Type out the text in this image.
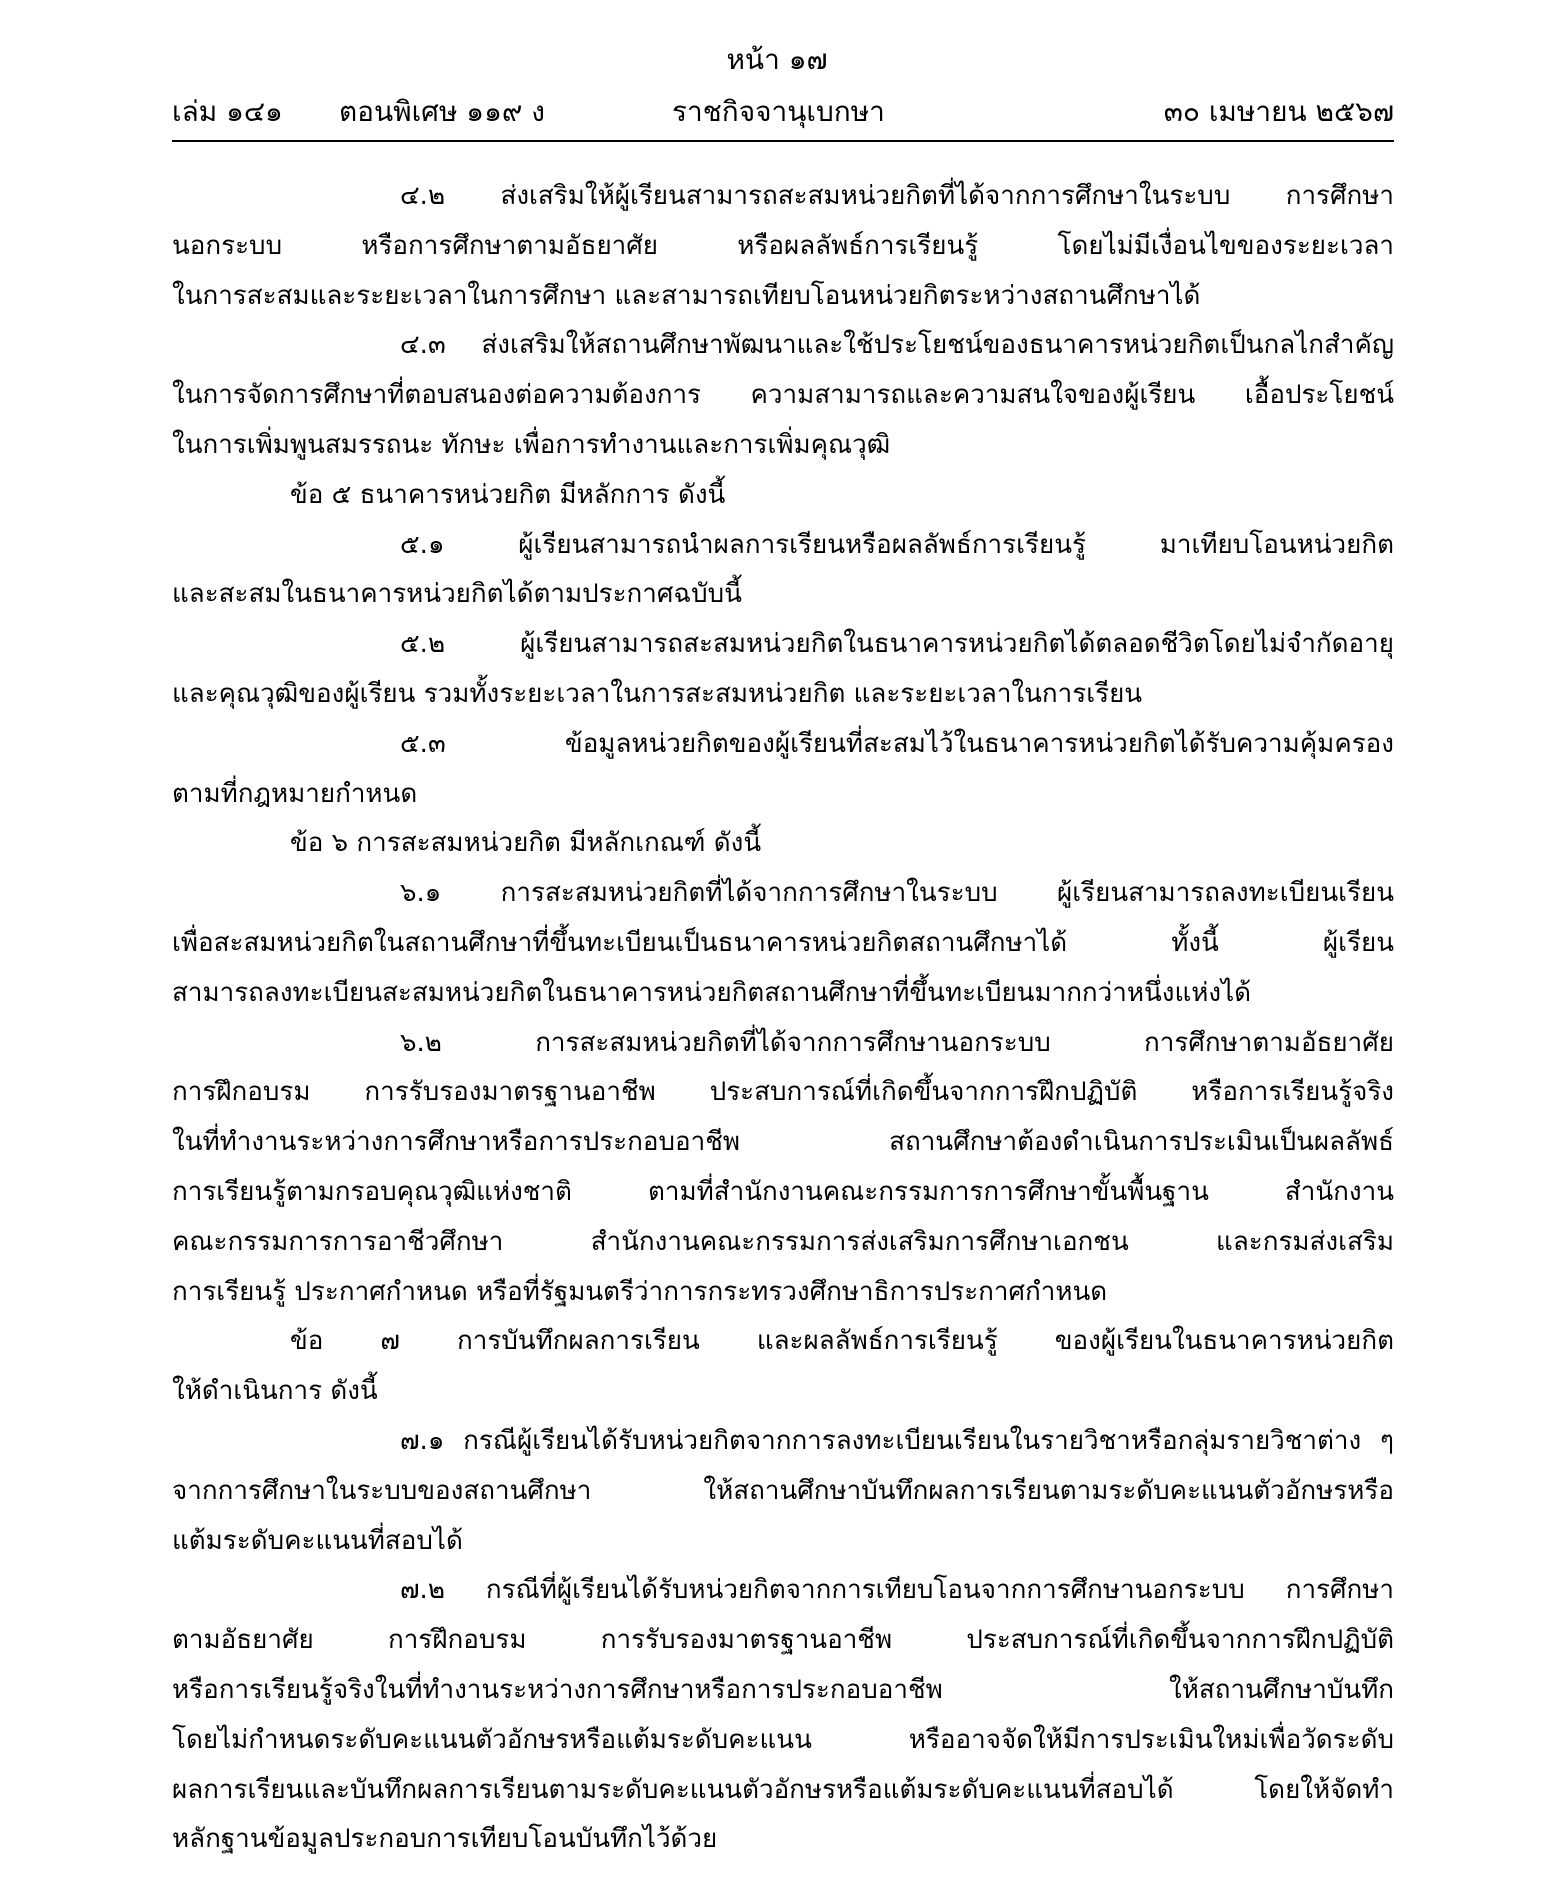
หน้า ๑๗
เล่ม ๑๔๑ ตอนพิเศษ ๑๑๙ ง	ราชกิจจานุเบกษา	๓๐ เมษายน ๒๕๖๗
๔.๒ ส่งเสริมให้ผู้เรียนสามารถสะสมหน่วยกิตที่ได้จากการศึกษาในระบบ การศึกษา
นอกระบบ หรือการศึกษาตามอัธยาศัย หรือผลลัพธ์การเรียนรู้ โดยไม่มีเงื่อนไขของระยะเวลา
ในการสะสมและระยะเวลาในการศึกษา และสามารถเทียบโอนหน่วยกิตระหว่างสถานศึกษาได้
๔.๓ ส่งเสริมให้สถานศึกษาพัฒนาและใช้ประโยชน์ของธนาคารหน่วยกิตเป็นกลไกสำคัญ
ในการจัดการศึกษาที่ตอบสนองต่อความต้องการ ความสามารถและความสนใจของผู้เรียน เอื้อประโยชน์
ในการเพิ่มพูนสมรรถนะ ทักษะ เพื่อการทำงานและการเพิ่มคุณวุฒิ
ข้อ ๕ ธนาคารหน่วยกิต มีหลักการ ดังนี้
๕.๑ ผู้เรียนสามารถนำผลการเรียนหรือผลลัพธ์การเรียนรู้ มาเทียบโอนหน่วยกิต
และสะสมในธนาคารหน่วยกิตได้ตามประกาศฉบับนี้
๕.๒ ผู้เรียนสามารถสะสมหน่วยกิตในธนาคารหน่วยกิตได้ตลอดชีวิตโดยไม่จำกัดอายุ
และคุณวุฒิของผู้เรียน รวมทั้งระยะเวลาในการสะสมหน่วยกิต และระยะเวลาในการเรียน
๕.๓ ข้อมูลหน่วยกิตของผู้เรียนที่สะสมไว้ในธนาคารหน่วยกิตได้รับความคุ้มครอง
ตามที่กฎหมายกำหนด
ข้อ ๖ การสะสมหน่วยกิต มีหลักเกณฑ์ ดังนี้
๖.๑ การสะสมหน่วยกิตที่ได้จากการศึกษาในระบบ ผู้เรียนสามารถลงทะเบียนเรียน
เพื่อสะสมหน่วยกิตในสถานศึกษาที่ขึ้นทะเบียนเป็นธนาคารหน่วยกิตสถานศึกษาได้ ทั้งนี้ ผู้เรียน
สามารถลงทะเบียนสะสมหน่วยกิตในธนาคารหน่วยกิตสถานศึกษาที่ขึ้นทะเบียนมากกว่าหนึ่งแห่งได้
๖.๒ การสะสมหน่วยกิตที่ได้จากการศึกษานอกระบบ การศึกษาตามอัธยาศัย
การฝึกอบรม การรับรองมาตรฐานอาชีพ ประสบการณ์ที่เกิดขึ้นจากการฝึกปฏิบัติ หรือการเรียนรู้จริง
ในที่ทำงานระหว่างการศึกษาหรือการประกอบอาชีพ สถานศึกษาต้องดำเนินการประเมินเป็นผลลัพธ์
การเรียนรู้ตามกรอบคุณวุฒิแห่งชาติ ตามที่สำนักงานคณะกรรมการการศึกษาขั้นพื้นฐาน สำนักงาน
คณะกรรมการการอาชีวศึกษา สำนักงานคณะกรรมการส่งเสริมการศึกษาเอกชน และกรมส่งเสริม
การเรียนรู้ ประกาศกำหนด หรือที่รัฐมนตรีว่าการกระทรวงศึกษาธิการประกาศกำหนด
ข้อ ๗ การบันทึกผลการเรียน และผลลัพธ์การเรียนรู้ ของผู้เรียนในธนาคารหน่วยกิต
ให้ดำเนินการ ดังนี้
๗.๑ กรณีผู้เรียนได้รับหน่วยกิตจากการลงทะเบียนเรียนในรายวิชาหรือกลุ่มรายวิชาต่าง ๆ
จากการศึกษาในระบบของสถานศึกษา ให้สถานศึกษาบันทึกผลการเรียนตามระดับคะแนนตัวอักษรหรือ
แต้มระดับคะแนนที่สอบได้
๗.๒ กรณีที่ผู้เรียนได้รับหน่วยกิตจากการเทียบโอนจากการศึกษานอกระบบ การศึกษา
ตามอัธยาศัย การฝึกอบรม การรับรองมาตรฐานอาชีพ ประสบการณ์ที่เกิดขึ้นจากการฝึกปฏิบัติ
หรือการเรียนรู้จริงในที่ทำงานระหว่างการศึกษาหรือการประกอบอาชีพ ให้สถานศึกษาบันทึก
โดยไม่กำหนดระดับคะแนนตัวอักษรหรือแต้มระดับคะแนน หรืออาจจัดให้มีการประเมินใหม่เพื่อวัดระดับ
ผลการเรียนและบันทึกผลการเรียนตามระดับคะแนนตัวอักษรหรือแต้มระดับคะแนนที่สอบได้ โดยให้จัดทำ
หลักฐานข้อมูลประกอบการเทียบโอนบันทึกไว้ด้วย
